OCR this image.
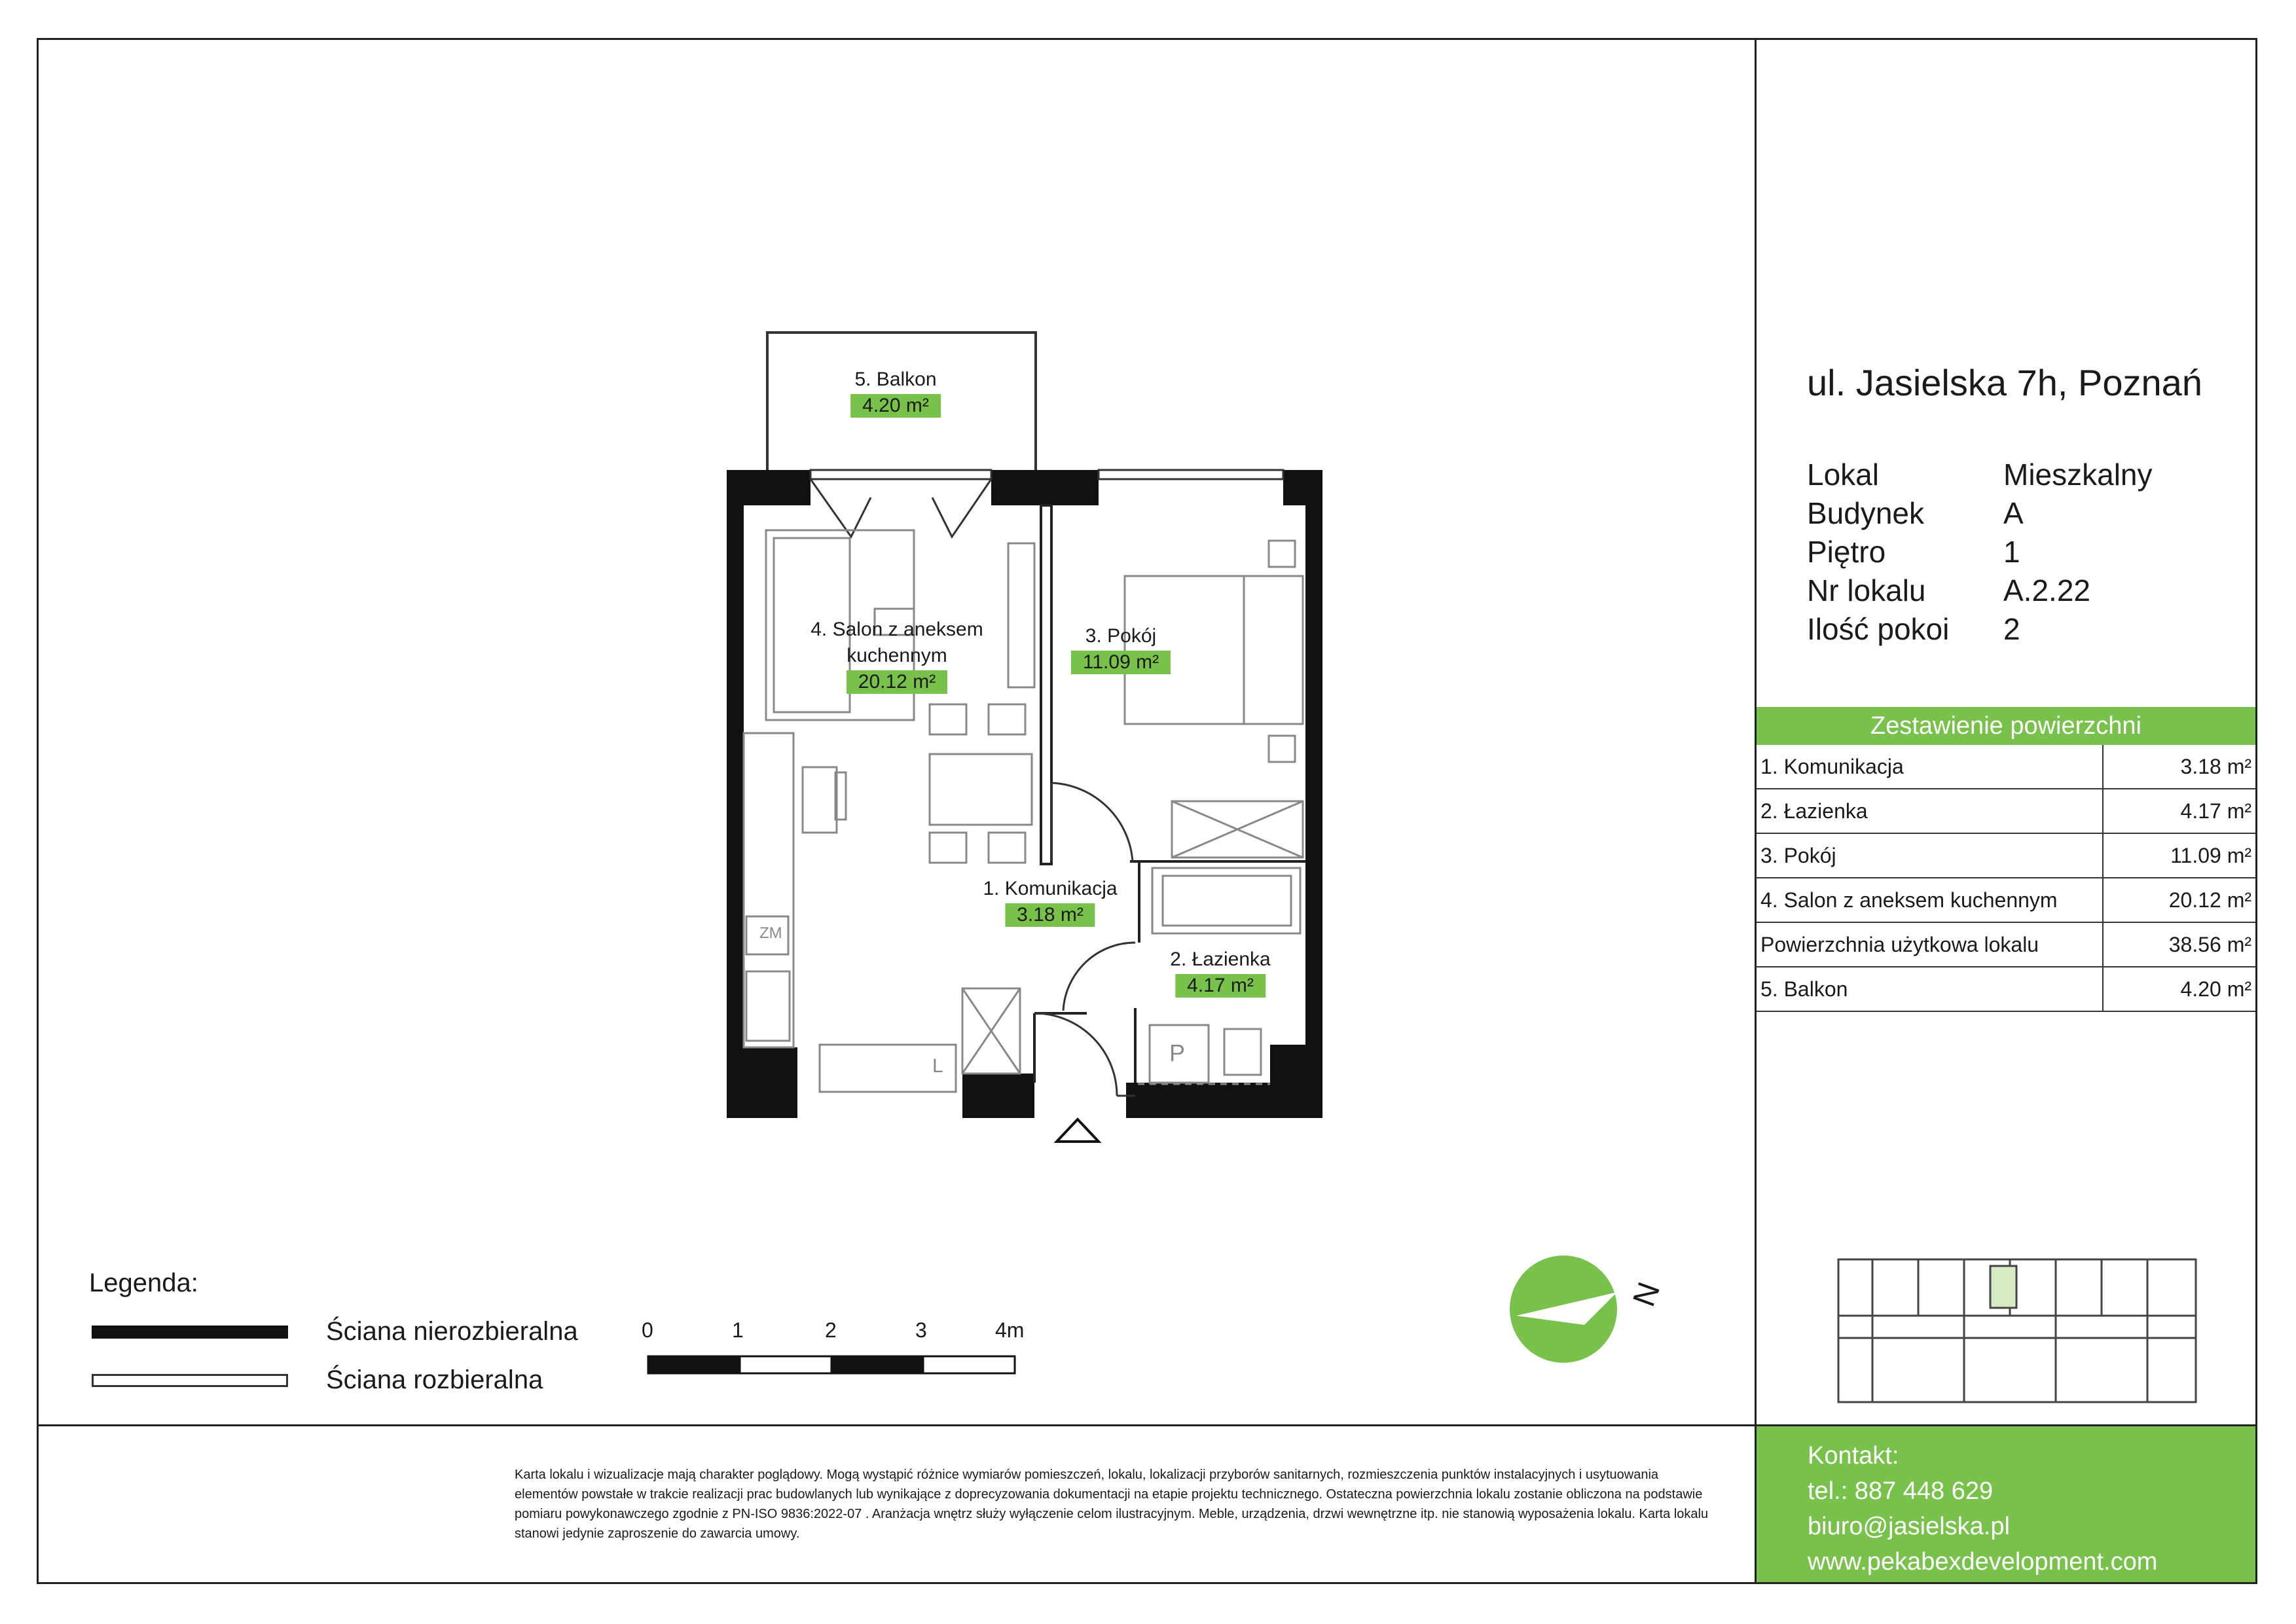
5. Balkon
4.20 m²
4. Salon z aneksem kuchennym
20.12 m²
3. Pokój
11.09 m²
1. Komunikacja
3.18 m²
2. Łazienka
4.17 m²
ZM
P
L
N
Legenda:
Ściana nierozbieralna
Ściana rozbieralna
0	1	2	3	4m
ul. Jasielska 7h, Poznań
Lokal	Mieszkalny
Budynek	A
Piętro	1
Nr lokalu	A.2.22
Ilość pokoi	2
Zestawienie powierzchni
1. Komunikacja	3.18 m²
2. Łazienka	4.17 m²
3. Pokój	11.09 m²
4. Salon z aneksem kuchennym	20.12 m²
Powierzchnia użytkowa lokalu	38.56 m²
5. Balkon	4.20 m²
Karta lokalu i wizualizacje mają charakter poglądowy. Mogą wystąpić różnice wymiarów pomieszczeń, lokalu, lokalizacji przyborów sanitarnych, rozmieszczenia punktów instalacyjnych i usytuowania elementów powstałe w trakcie realizacji prac budowlanych lub wynikające z doprecyzowania dokumentacji na etapie projektu technicznego. Ostateczna powierzchnia lokalu zostanie obliczona na podstawie pomiaru powykonawczego zgodnie z PN-ISO 9836:2022-07 . Aranżacja wnętrz służy wyłączenie celom ilustracyjnym. Meble, urządzenia, drzwi wewnętrzne itp. nie stanowią wyposażenia lokalu. Karta lokalu stanowi jedynie zaproszenie do zawarcia umowy.
Kontakt:
tel.: 887 448 629
biuro@jasielska.pl
www.pekabexdevelopment.com
